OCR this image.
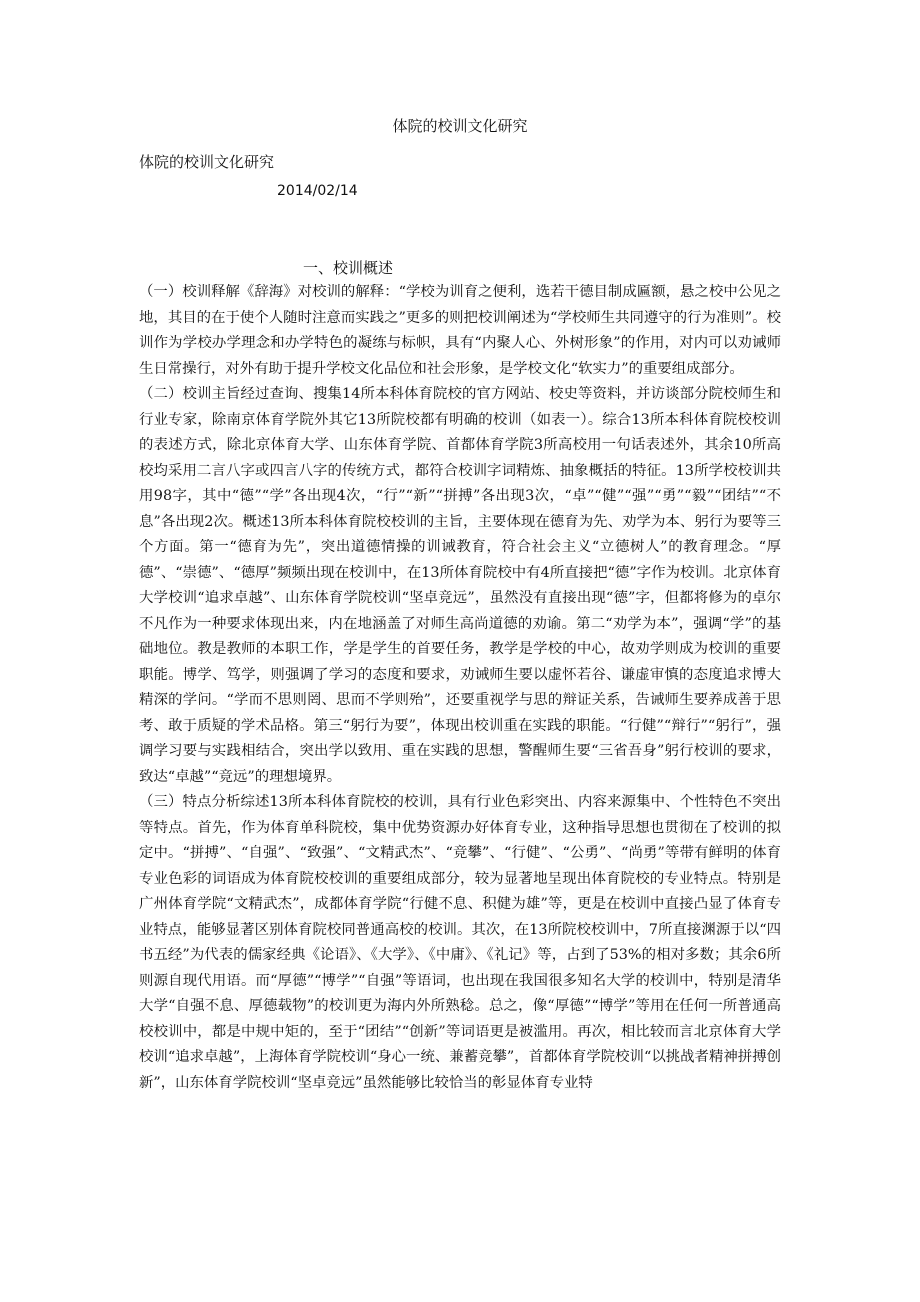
体院的校训文化研究
体院的校训文化研究
2014/02/14
一、校训概述

（一）校训释解《辞海》对校训的解释：“学校为训育之便利，选若干德目制成匾额，悬之校中公见之地，其目的在于使个人随时注意而实践之”更多的则把校训阐述为“学校师生共同遵守的行为准则”。校训作为学校办学理念和办学特色的凝练与标帜，具有“内聚人心、外树形象”的作用，对内可以劝诫师生日常操行，对外有助于提升学校文化品位和社会形象，是学校文化“软实力”的重要组成部分。

（二）校训主旨经过查询、搜集14所本科体育院校的官方网站、校史等资料，并访谈部分院校师生和行业专家，除南京体育学院外其它13所院校都有明确的校训（如表一）。综合13所本科体育院校校训的表述方式，除北京体育大学、山东体育学院、首都体育学院3所高校用一句话表述外，其余10所高校均采用二言八字或四言八字的传统方式，都符合校训字词精炼、抽象概括的特征。13所学校校训共用98字，其中“德”“学”各出现4次，“行”“新”“拼搏”各出现3次，“卓”“健”“强”“勇”“毅”“团结”“不息”各出现2次。概述13所本科体育院校校训的主旨，主要体现在德育为先、劝学为本、躬行为要等三个方面。第一“德育为先”，突出道德情操的训诫教育，符合社会主义“立德树人”的教育理念。“厚德”、“崇德”、“德厚”频频出现在校训中，在13所体育院校中有4所直接把“德”字作为校训。北京体育大学校训“追求卓越”、山东体育学院校训“坚卓竞远”，虽然没有直接出现“德”字，但都将修为的卓尔不凡作为一种要求体现出来，内在地涵盖了对师生高尚道德的劝谕。第二“劝学为本”，强调“学”的基础地位。教是教师的本职工作，学是学生的首要任务，教学是学校的中心，故劝学则成为校训的重要职能。博学、笃学，则强调了学习的态度和要求，劝诫师生要以虚怀若谷、谦虚审慎的态度追求博大精深的学问。“学而不思则罔、思而不学则殆”，还要重视学与思的辩证关系，告诫师生要养成善于思考、敢于质疑的学术品格。第三“躬行为要”，体现出校训重在实践的职能。“行健”“辩行”“躬行”，强调学习要与实践相结合，突出学以致用、重在实践的思想，警醒师生要“三省吾身”躬行校训的要求，致达“卓越”“竞远”的理想境界。

（三）特点分析综述13所本科体育院校的校训，具有行业色彩突出、内容来源集中、个性特色不突出等特点。首先，作为体育单科院校，集中优势资源办好体育专业，这种指导思想也贯彻在了校训的拟定中。“拼搏”、“自强”、“致强”、“文精武杰”、“竞攀”、“行健”、“公勇”、“尚勇”等带有鲜明的体育专业色彩的词语成为体育院校校训的重要组成部分，较为显著地呈现出体育院校的专业特点。特别是广州体育学院“文精武杰”，成都体育学院“行健不息、积健为雄”等，更是在校训中直接凸显了体育专业特点，能够显著区别体育院校同普通高校的校训。其次，在13所院校校训中，7所直接渊源于以“四书五经”为代表的儒家经典《论语》、《大学》、《中庸》、《礼记》等，占到了53%的相对多数；其余6所则源自现代用语。而“厚德”“博学”“自强”等语词，也出现在我国很多知名大学的校训中，特别是清华大学“自强不息、厚德载物”的校训更为海内外所熟稔。总之，像“厚德”“博学”等用在任何一所普通高校校训中，都是中规中矩的，至于“团结”“创新”等词语更是被滥用。再次，相比较而言北京体育大学校训“追求卓越”，上海体育学院校训“身心一统、兼蓄竞攀”，首都体育学院校训“以挑战者精神拼搏创新”，山东体育学院校训“坚卓竞远”虽然能够比较恰当的彰显体育专业特
